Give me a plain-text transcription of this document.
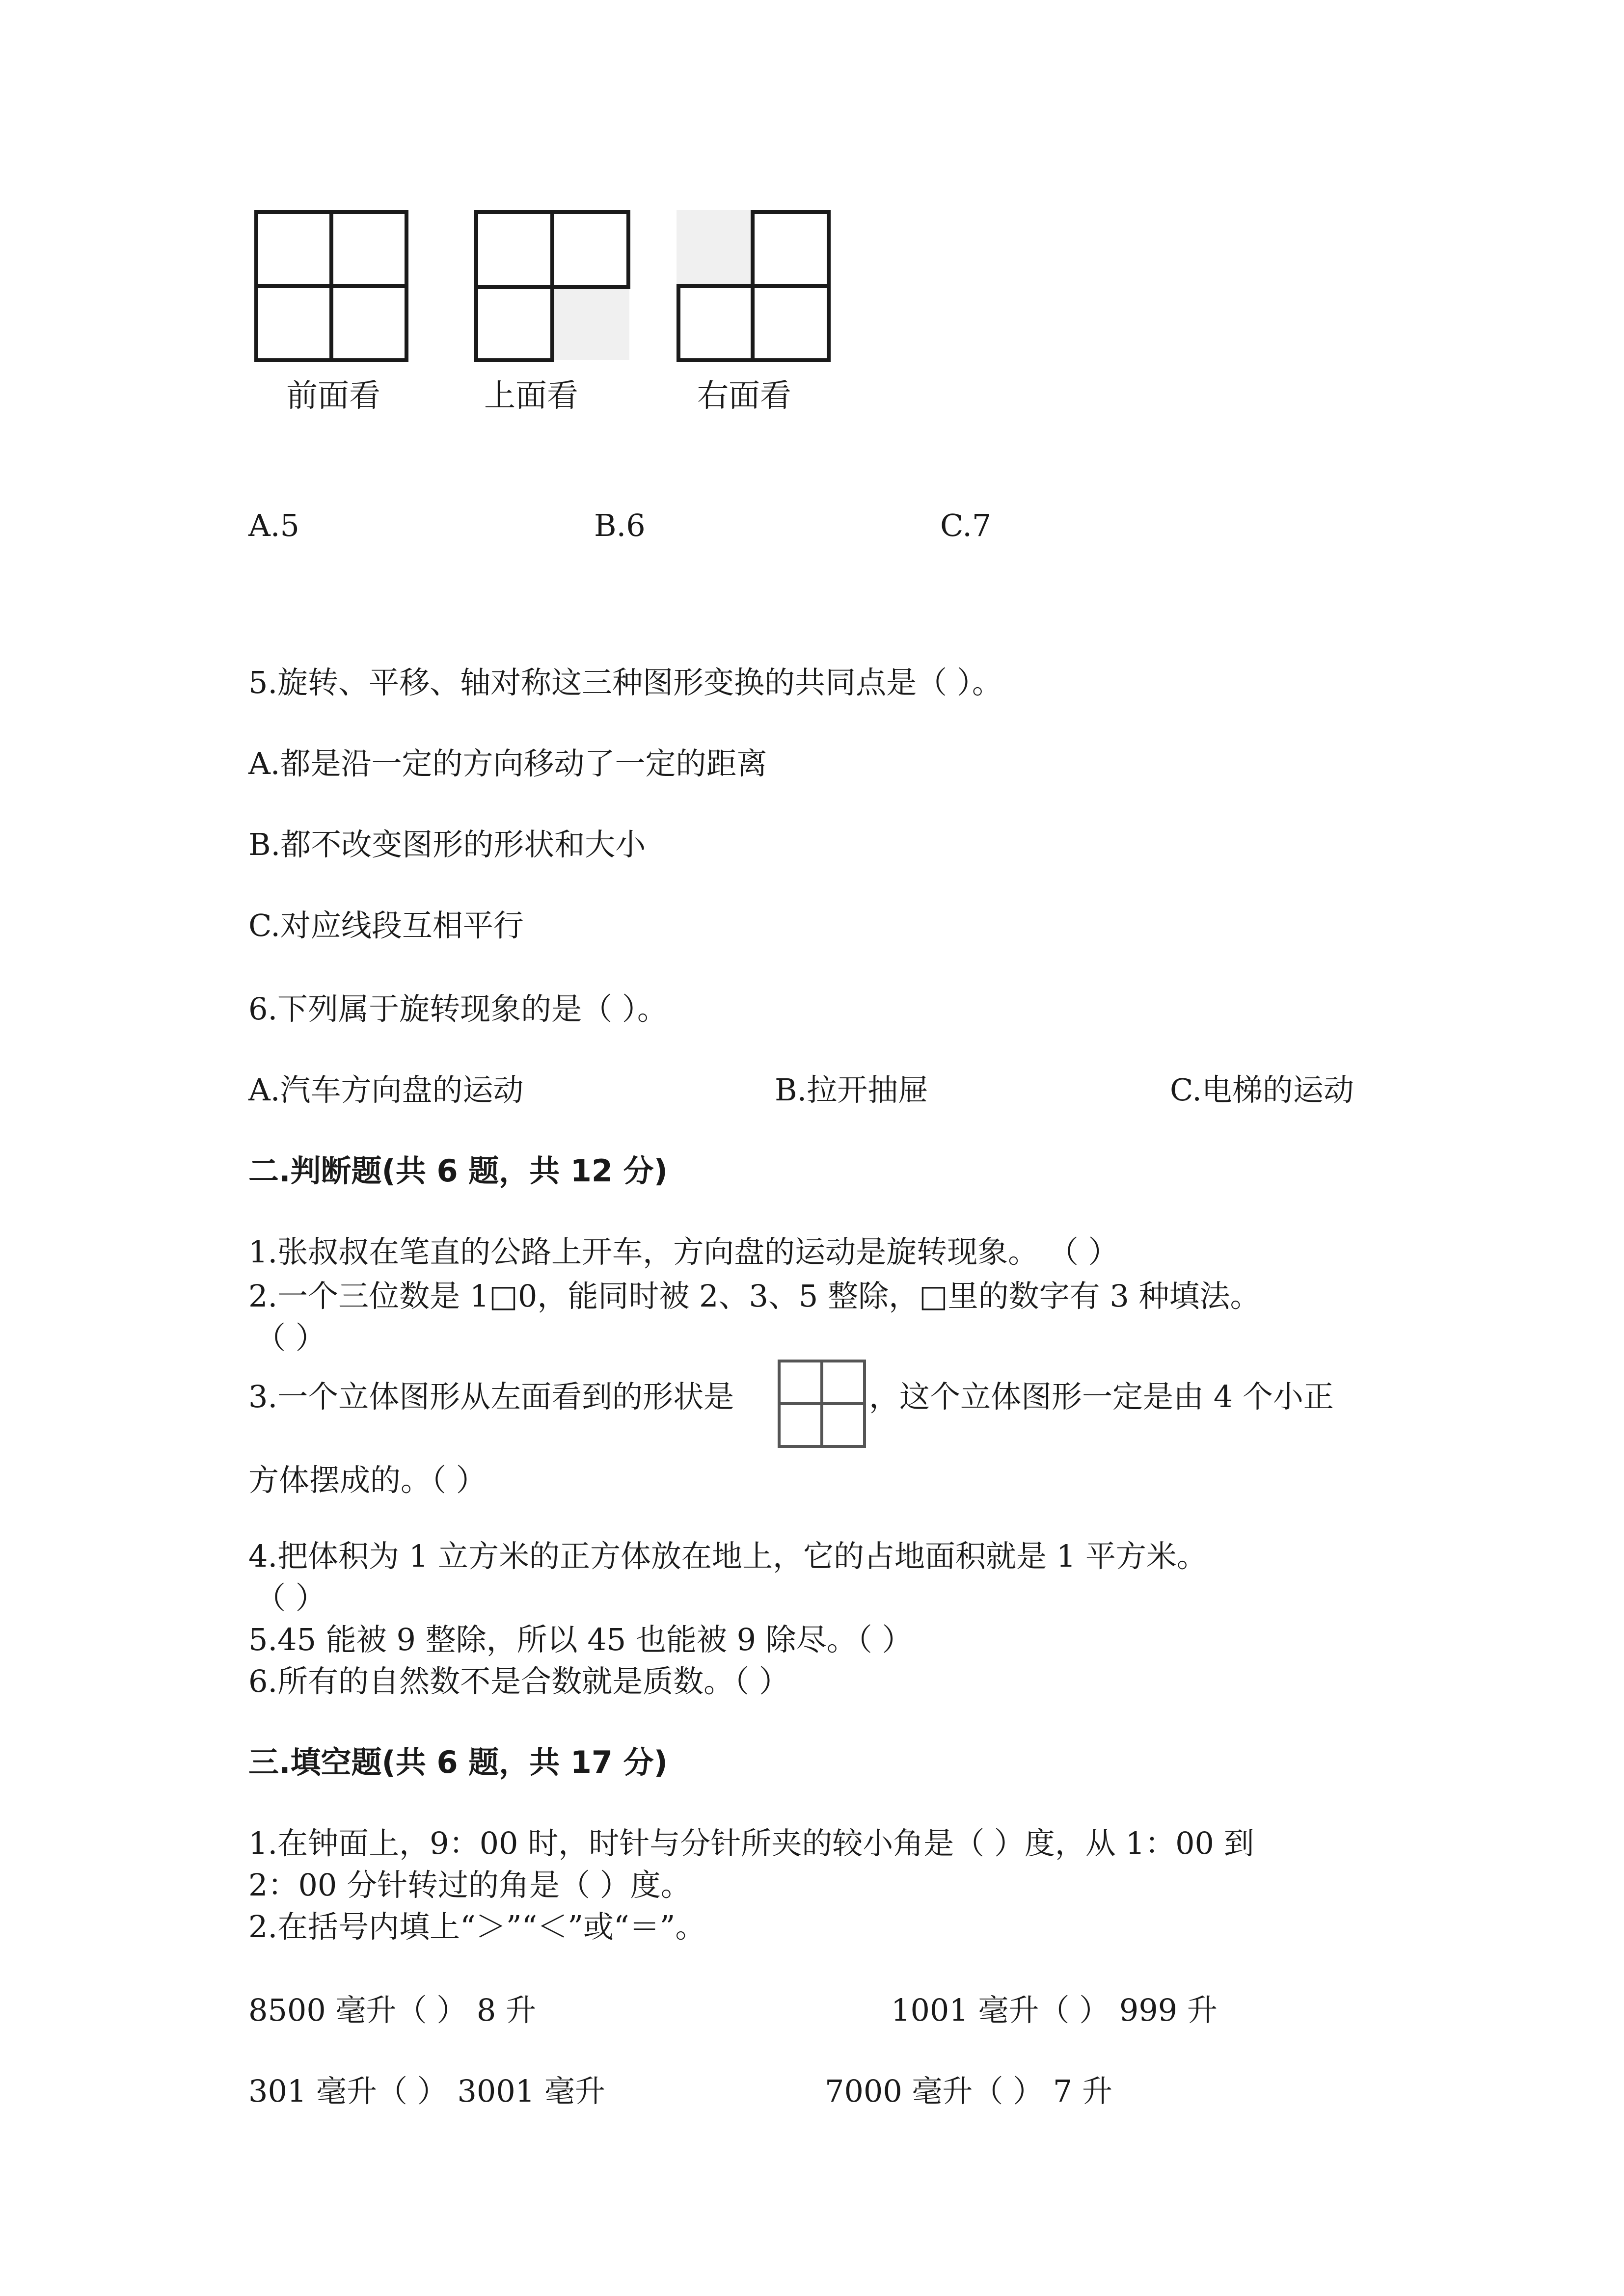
前面看	上面看	右面看
A.5	B.6	C.7
5.旋转、平移、轴对称这三种图形变换的共同点是（ ）。
A.都是沿一定的方向移动了一定的距离
B.都不改变图形的形状和大小
C.对应线段互相平行
6.下列属于旋转现象的是（ ）。
A.汽车方向盘的运动	B.拉开抽屉	C.电梯的运动
二.判断题(共 6 题，共 12 分)
1.张叔叔在笔直的公路上开车，方向盘的运动是旋转现象。 （ ）
2.一个三位数是 1□0，能同时被 2、3、5 整除，□里的数字有 3 种填法。
（ ）
3.一个立体图形从左面看到的形状是	，这个立体图形一定是由 4 个小正
方体摆成的。（ ）
4.把体积为 1 立方米的正方体放在地上，它的占地面积就是 1 平方米。
（ ）
5.45 能被 9 整除，所以 45 也能被 9 除尽。（ ）
6.所有的自然数不是合数就是质数。（ ）
三.填空题(共 6 题，共 17 分)
1.在钟面上，9：00 时，时针与分针所夹的较小角是（ ）度，从 1：00 到
2：00 分针转过的角是（ ）度。
2.在括号内填上“＞”“＜”或“＝”。
8500 毫升（ ） 8 升	1001 毫升（ ） 999 升
301 毫升（ ） 3001 毫升	7000 毫升（ ） 7 升
